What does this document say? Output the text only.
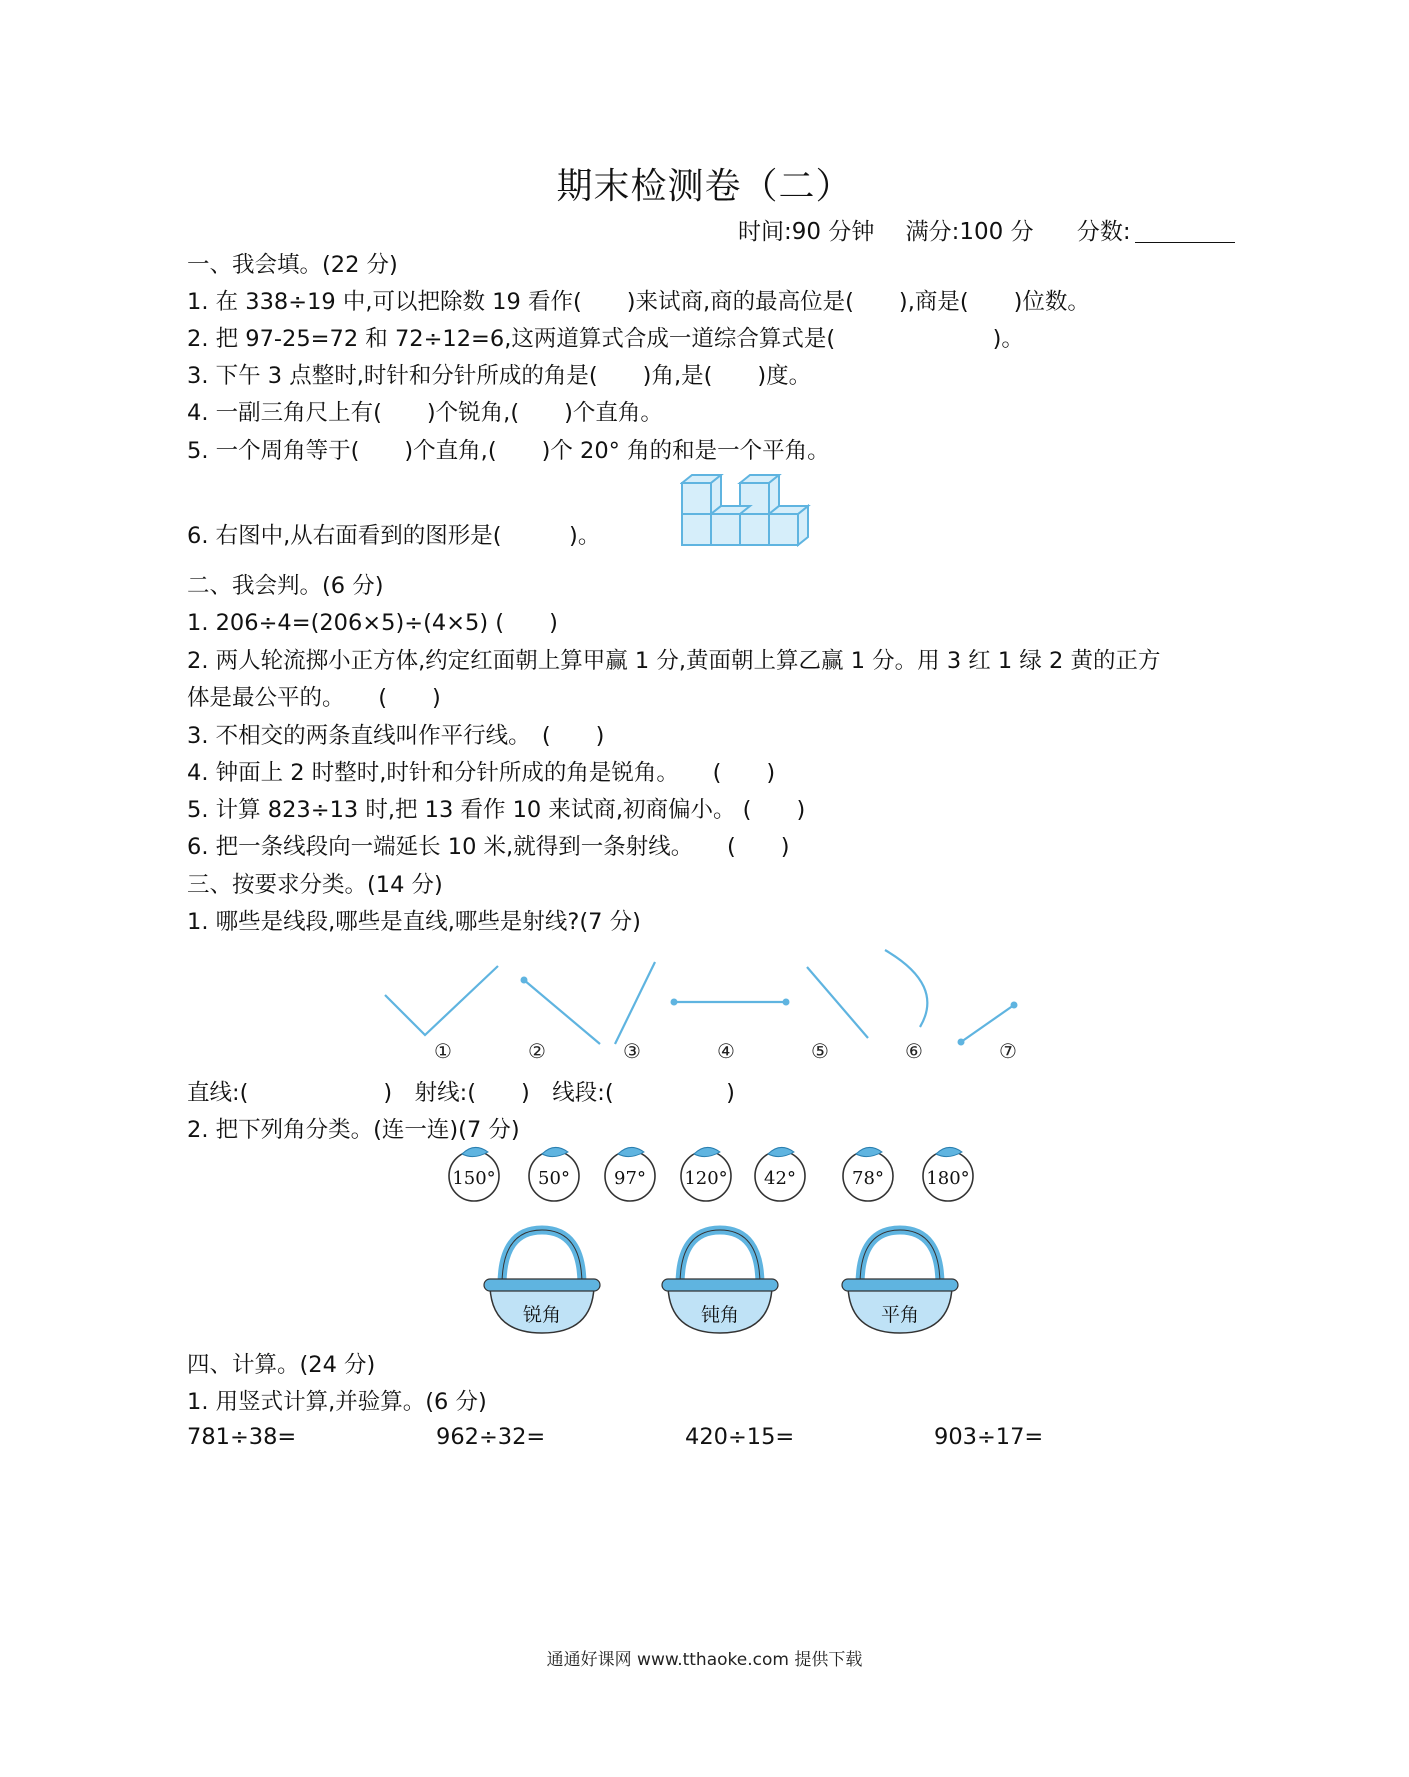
期末检测卷（二）
时间:90 分钟 满分:100 分 分数:
一、我会填。(22 分)
1. 在 338÷19 中,可以把除数 19 看作(　　)来试商,商的最高位是(　　),商是(　　)位数。
2. 把 97-25=72 和 72÷12=6,这两道算式合成一道综合算式是(　　　　　　　)。
3. 下午 3 点整时,时针和分针所成的角是(　　)角,是(　　)度。
4. 一副三角尺上有(　　)个锐角,(　　)个直角。
5. 一个周角等于(　　)个直角,(　　)个 20° 角的和是一个平角。
6. 右图中,从右面看到的图形是(　　　)。
二、我会判。(6 分)
1. 206÷4=(206×5)÷(4×5) (　　)
2. 两人轮流掷小正方体,约定红面朝上算甲赢 1 分,黄面朝上算乙赢 1 分。用 3 红 1 绿 2 黄的正方
体是最公平的。　　(　　)
3. 不相交的两条直线叫作平行线。　(　　)
4. 钟面上 2 时整时,时针和分针所成的角是锐角。　　(　　)
5. 计算 823÷13 时,把 13 看作 10 来试商,初商偏小。 (　　)
6. 把一条线段向一端延长 10 米,就得到一条射线。　　(　　)
三、按要求分类。(14 分)
1. 哪些是线段,哪些是直线,哪些是射线?(7 分)
①	②	③	④	⑤	⑥	⑦
直线:(　　　　　　)　射线:(　　)　线段:(　　　　　)
2. 把下列角分类。(连一连)(7 分)
150° 50° 97° 120° 42°	78° 180°
锐角	钝角	平角
四、计算。(24 分)
1. 用竖式计算,并验算。(6 分)
781÷38=	962÷32=	420÷15=	903÷17=
通通好课网 www.tthaoke.com 提供下载
